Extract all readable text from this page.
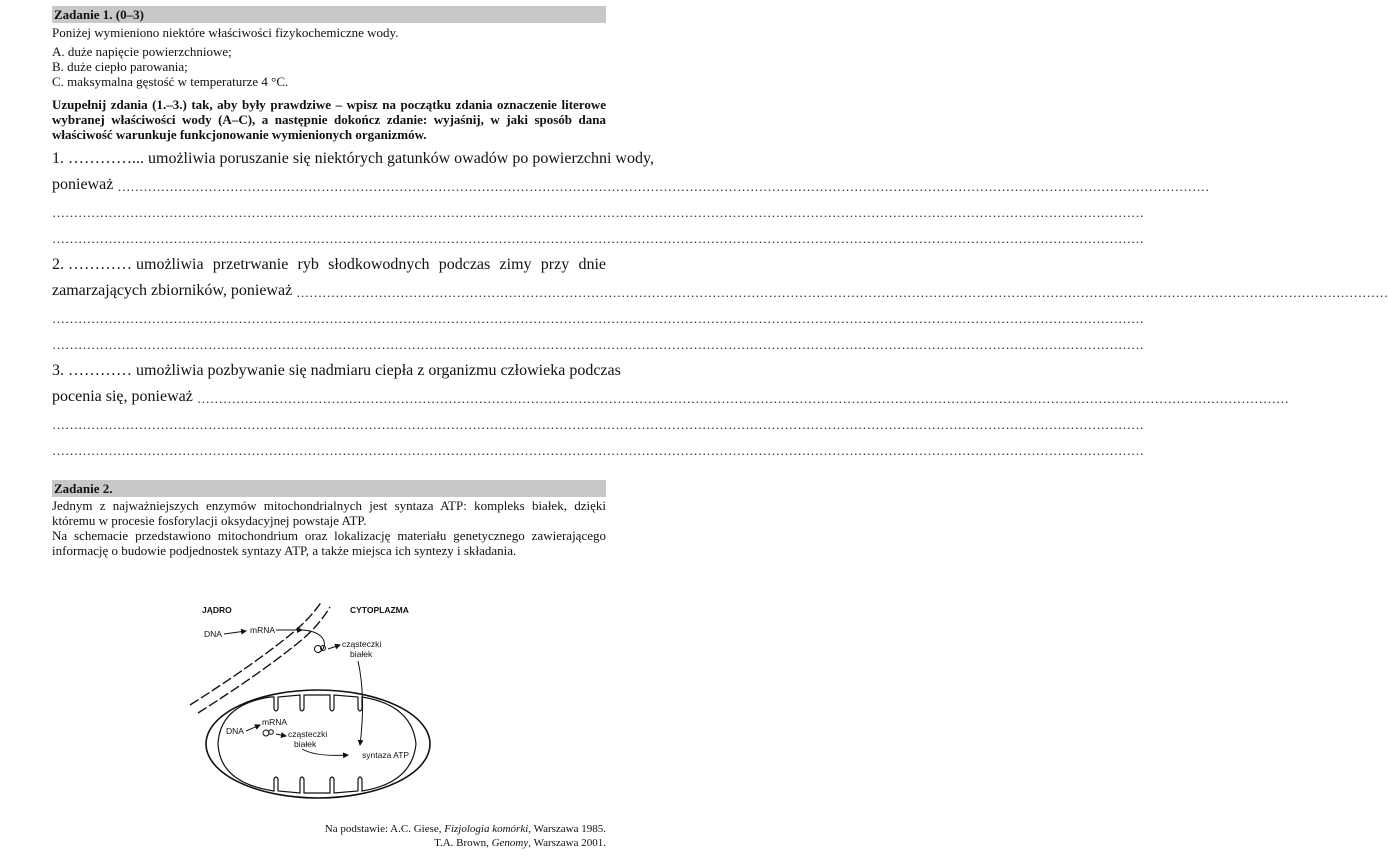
Zadanie 1. (0–3)

Poniżej wymieniono niektóre właściwości fizykochemiczne wody.

A. duże napięcie powierzchniowe;

B. duże ciepło parowania;

C. maksymalna gęstość w temperaturze 4 °C.

Uzupełnij zdania (1.–3.) tak, aby były prawdziwe – wpisz na początku zdania oznaczenie literowe wybranej właściwości wody (A–C), a następnie dokończ zdanie: wyjaśnij, w jaki sposób dana właściwość warunkuje funkcjonowanie wymienionych organizmów.

1. …………...
umożliwia poruszanie się niektórych gatunków owadów po powierzchni wody,
ponieważ
………………………………………………………………………………………………………………………………………………………………………………………………………………………………
………………………………………………………………………………………………………………………………………………………………………………………………………………………………
………………………………………………………………………………………………………………………………………………………………………………………………………………………………
2. ………… umożliwia przetrwanie ryb słodkowodnych podczas zimy przy dnie
zamarzających zbiorników, ponieważ
………………………………………………………………………………………………………………………………………………………………………………………………………………………………
………………………………………………………………………………………………………………………………………………………………………………………………………………………………
………………………………………………………………………………………………………………………………………………………………………………………………………………………………
3. ………… umożliwia pozbywanie się nadmiaru ciepła z organizmu człowieka podczas
pocenia się, ponieważ
………………………………………………………………………………………………………………………………………………………………………………………………………………………………
………………………………………………………………………………………………………………………………………………………………………………………………………………………………
………………………………………………………………………………………………………………………………………………………………………………………………………………………………
Zadanie 2.

Jednym z najważniejszych enzymów mitochondrialnych jest syntaza ATP: kompleks białek, dzięki któremu w procesie fosforylacji oksydacyjnej powstaje ATP.

Na schemacie przedstawiono mitochondrium oraz lokalizację materiału genetycznego zawierającego informację o budowie podjednostek syntazy ATP, a także miejsca ich syntezy i składania.

JĄDRO	CYTOPLAZMA
DNA	mRNA
cząsteczki
białek
DNA
mRNA
cząsteczki
białek
syntaza ATP
Na podstawie: A.C. Giese, Fizjologia komórki, Warszawa 1985.
T.A. Brown, Genomy, Warszawa 2001.
